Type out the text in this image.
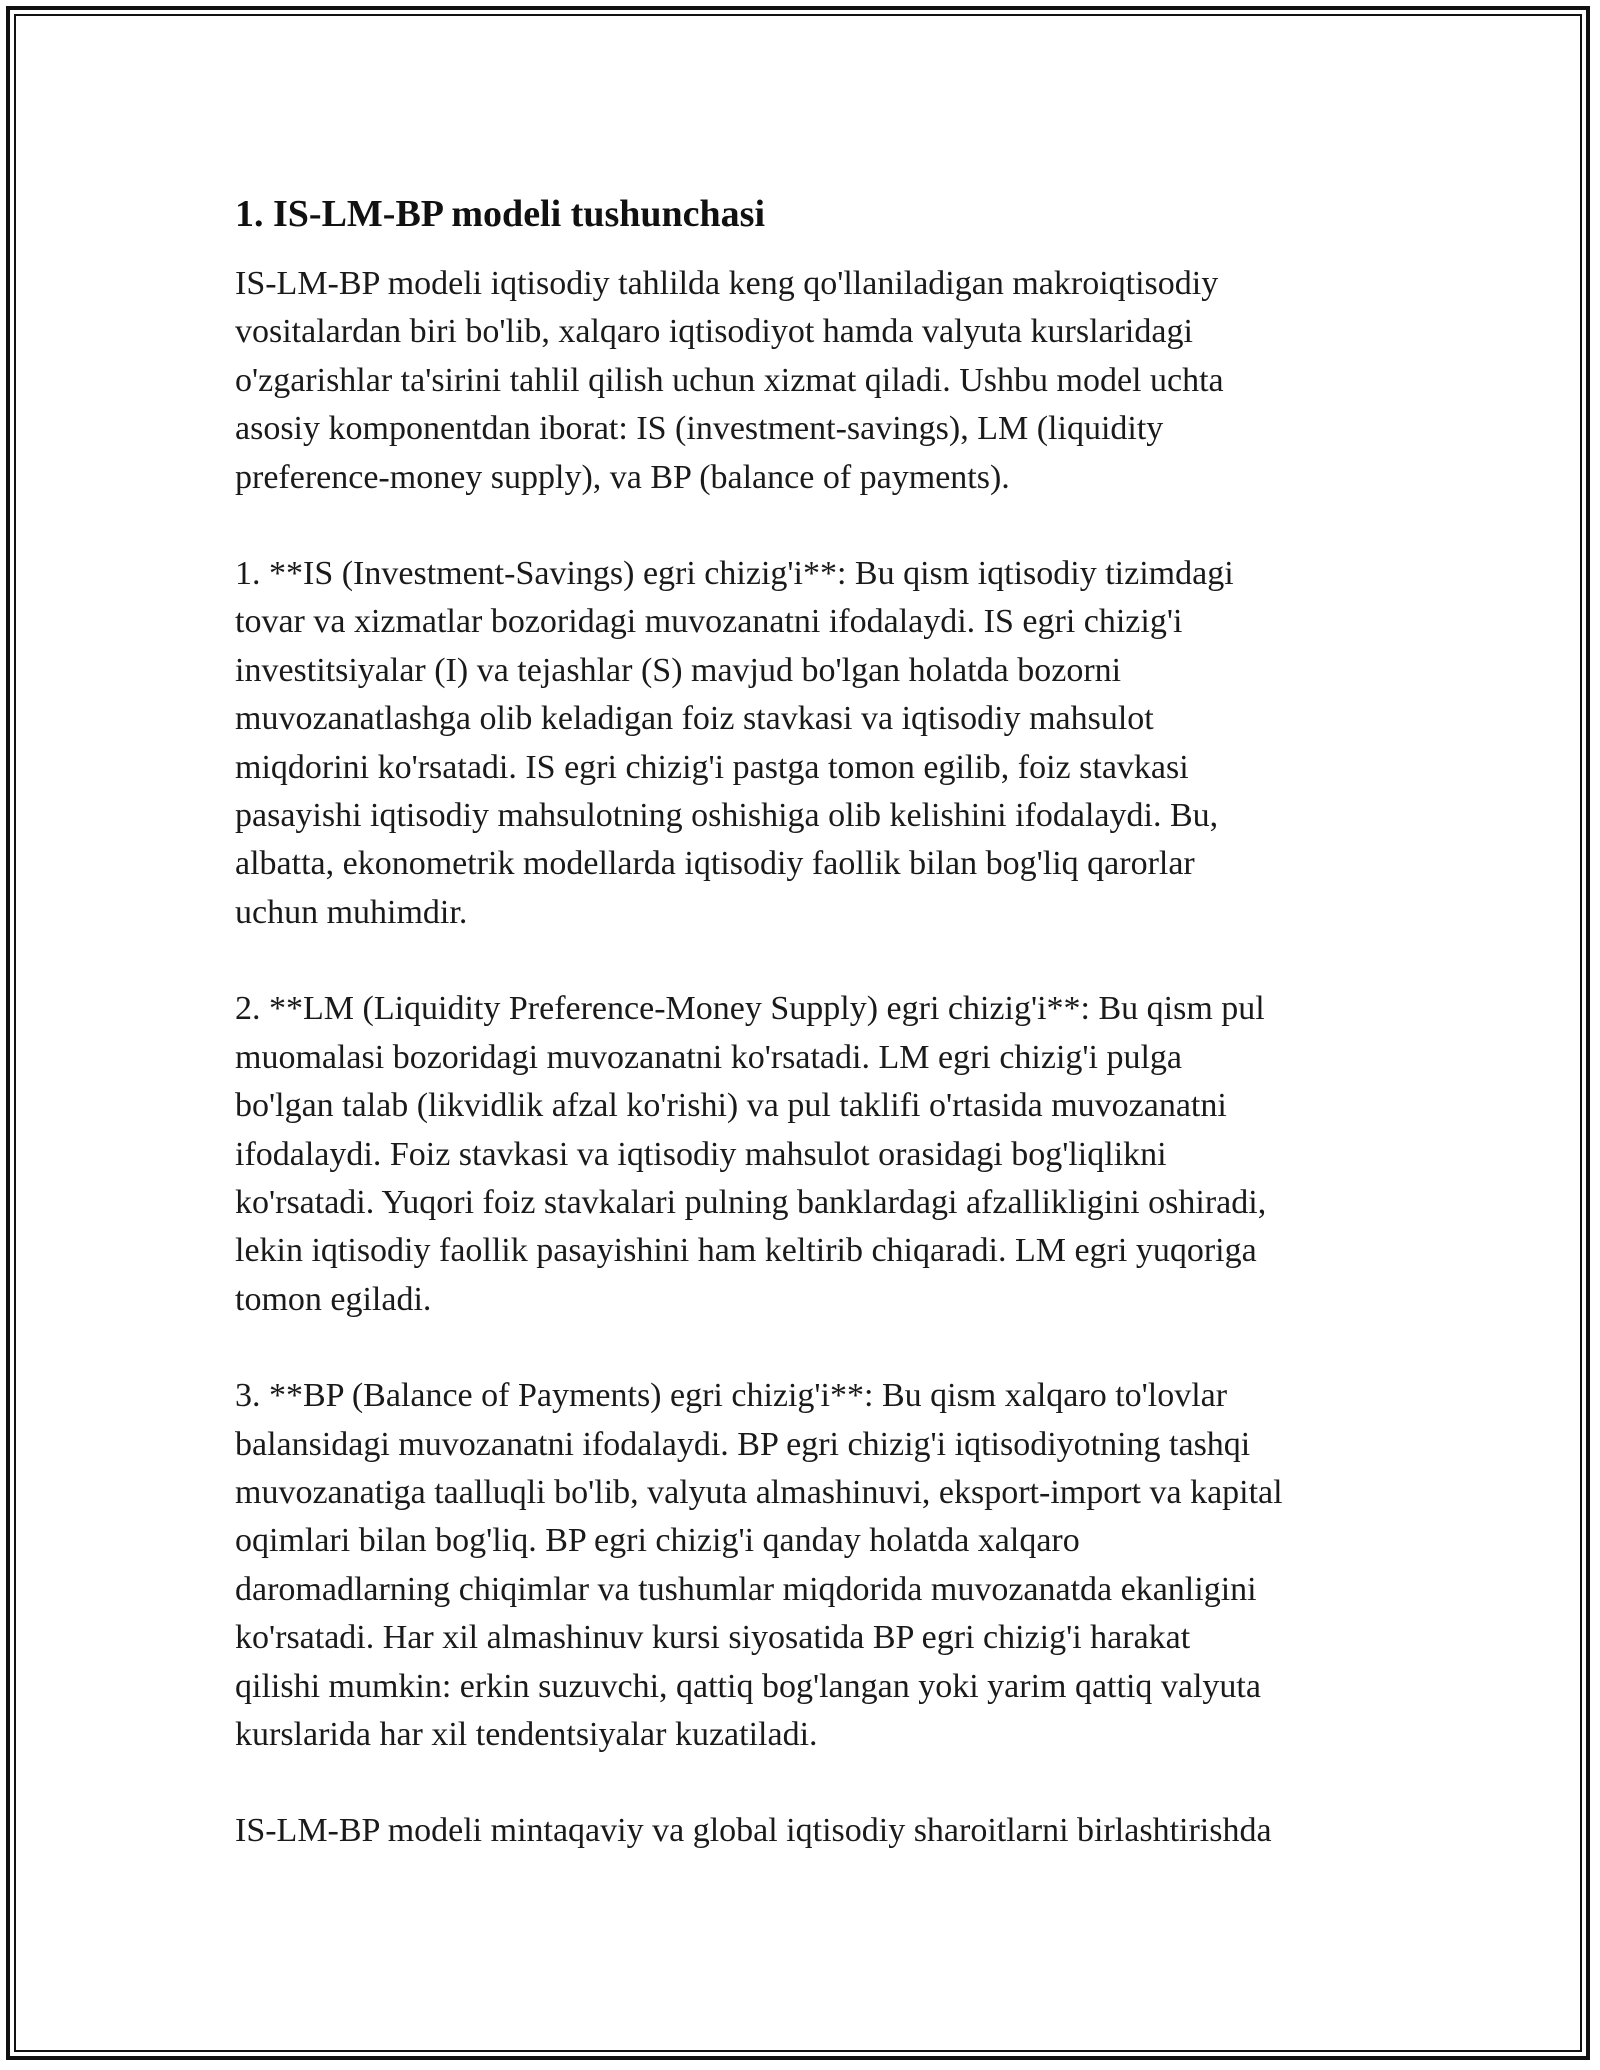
1. IS-LM-BP modeli tushunchasi

IS-LM-BP modeli iqtisodiy tahlilda keng qo'llaniladigan makroiqtisodiy
vositalardan biri bo'lib, xalqaro iqtisodiyot hamda valyuta kurslaridagi
o'zgarishlar ta'sirini tahlil qilish uchun xizmat qiladi. Ushbu model uchta
asosiy komponentdan iborat: IS (investment-savings), LM (liquidity
preference-money supply), va BP (balance of payments).

1. **IS (Investment-Savings) egri chizig'i**: Bu qism iqtisodiy tizimdagi
tovar va xizmatlar bozoridagi muvozanatni ifodalaydi. IS egri chizig'i
investitsiyalar (I) va tejashlar (S) mavjud bo'lgan holatda bozorni
muvozanatlashga olib keladigan foiz stavkasi va iqtisodiy mahsulot
miqdorini ko'rsatadi. IS egri chizig'i pastga tomon egilib, foiz stavkasi
pasayishi iqtisodiy mahsulotning oshishiga olib kelishini ifodalaydi. Bu,
albatta, ekonometrik modellarda iqtisodiy faollik bilan bog'liq qarorlar
uchun muhimdir.

2. **LM (Liquidity Preference-Money Supply) egri chizig'i**: Bu qism pul
muomalasi bozoridagi muvozanatni ko'rsatadi. LM egri chizig'i pulga
bo'lgan talab (likvidlik afzal ko'rishi) va pul taklifi o'rtasida muvozanatni
ifodalaydi. Foiz stavkasi va iqtisodiy mahsulot orasidagi bog'liqlikni
ko'rsatadi. Yuqori foiz stavkalari pulning banklardagi afzallikligini oshiradi,
lekin iqtisodiy faollik pasayishini ham keltirib chiqaradi. LM egri yuqoriga
tomon egiladi.

3. **BP (Balance of Payments) egri chizig'i**: Bu qism xalqaro to'lovlar
balansidagi muvozanatni ifodalaydi. BP egri chizig'i iqtisodiyotning tashqi
muvozanatiga taalluqli bo'lib, valyuta almashinuvi, eksport-import va kapital
oqimlari bilan bog'liq. BP egri chizig'i qanday holatda xalqaro
daromadlarning chiqimlar va tushumlar miqdorida muvozanatda ekanligini
ko'rsatadi. Har xil almashinuv kursi siyosatida BP egri chizig'i harakat
qilishi mumkin: erkin suzuvchi, qattiq bog'langan yoki yarim qattiq valyuta
kurslarida har xil tendentsiyalar kuzatiladi.

IS-LM-BP modeli mintaqaviy va global iqtisodiy sharoitlarni birlashtirishda
